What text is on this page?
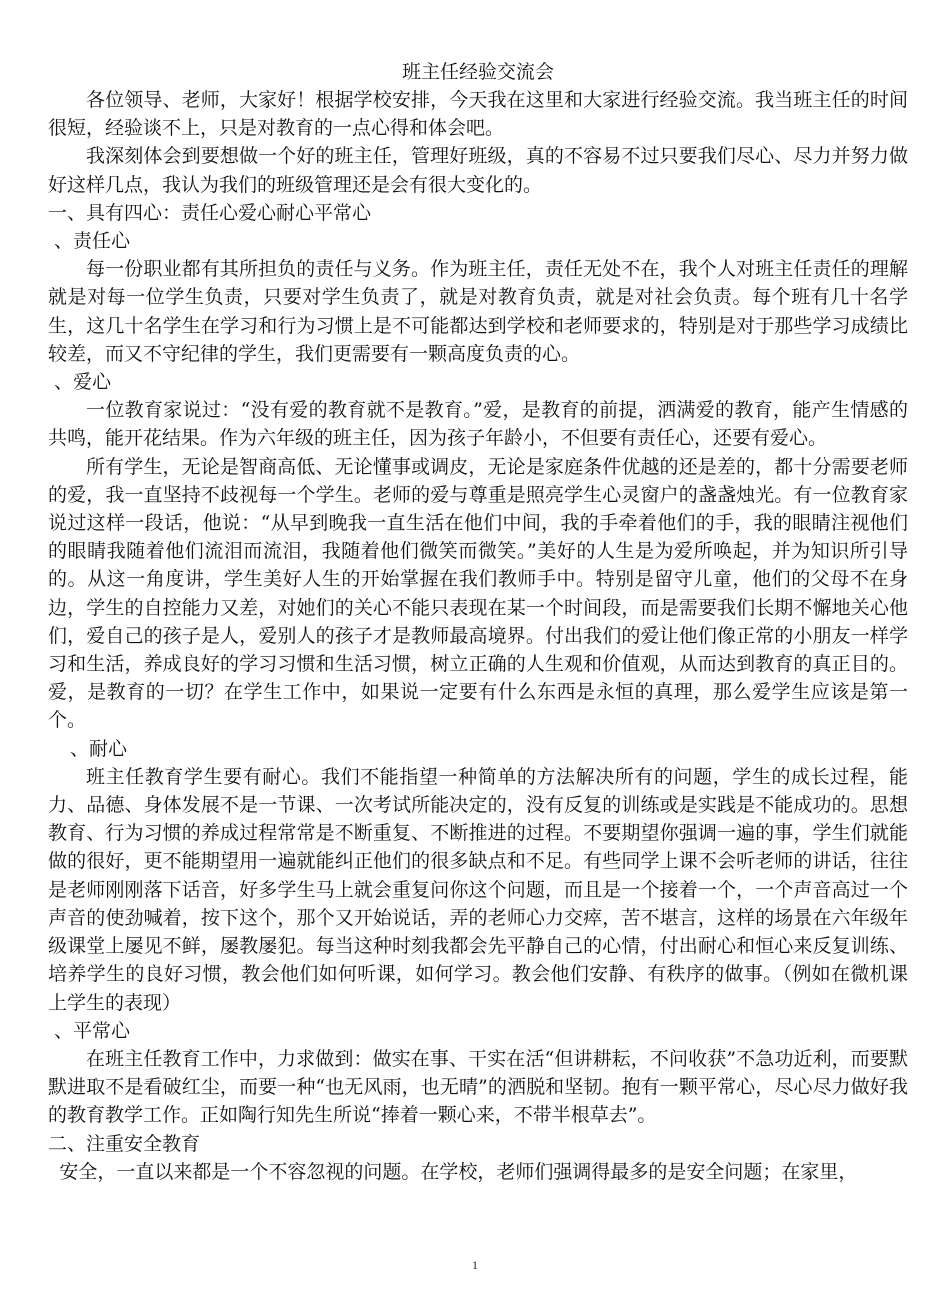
班主任经验交流会

各位领导、老师，大家好！根据学校安排，今天我在这里和大家进行经验交流。我当班主任的时间很短，经验谈不上，只是对教育的一点心得和体会吧。

我深刻体会到要想做一个好的班主任，管理好班级，真的不容易不过只要我们尽心、尽力并努力做好这样几点，我认为我们的班级管理还是会有很大变化的。

一、具有四心：责任心爱心耐心平常心

、责任心

每一份职业都有其所担负的责任与义务。作为班主任，责任无处不在，我个人对班主任责任的理解就是对每一位学生负责，只要对学生负责了，就是对教育负责，就是对社会负责。每个班有几十名学生，这几十名学生在学习和行为习惯上是不可能都达到学校和老师要求的，特别是对于那些学习成绩比较差，而又不守纪律的学生，我们更需要有一颗高度负责的心。

、爱心

一位教育家说过：“没有爱的教育就不是教育。”爱，是教育的前提，洒满爱的教育，能产生情感的共鸣，能开花结果。作为六年级的班主任，因为孩子年龄小，不但要有责任心，还要有爱心。

所有学生，无论是智商高低、无论懂事或调皮，无论是家庭条件优越的还是差的，都十分需要老师的爱，我一直坚持不歧视每一个学生。老师的爱与尊重是照亮学生心灵窗户的盏盏烛光。有一位教育家说过这样一段话，他说：“从早到晚我一直生活在他们中间，我的手牵着他们的手，我的眼睛注视他们的眼睛我随着他们流泪而流泪，我随着他们微笑而微笑。”美好的人生是为爱所唤起，并为知识所引导的。从这一角度讲，学生美好人生的开始掌握在我们教师手中。特别是留守儿童，他们的父母不在身边，学生的自控能力又差，对她们的关心不能只表现在某一个时间段，而是需要我们长期不懈地关心他们，爱自己的孩子是人，爱别人的孩子才是教师最高境界。付出我们的爱让他们像正常的小朋友一样学习和生活，养成良好的学习习惯和生活习惯，树立正确的人生观和价值观，从而达到教育的真正目的。爱，是教育的一切？在学生工作中，如果说一定要有什么东西是永恒的真理，那么爱学生应该是第一个。

、耐心

班主任教育学生要有耐心。我们不能指望一种简单的方法解决所有的问题，学生的成长过程，能力、品德、身体发展不是一节课、一次考试所能决定的，没有反复的训练或是实践是不能成功的。思想教育、行为习惯的养成过程常常是不断重复、不断推进的过程。不要期望你强调一遍的事，学生们就能做的很好，更不能期望用一遍就能纠正他们的很多缺点和不足。有些同学上课不会听老师的讲话，往往是老师刚刚落下话音，好多学生马上就会重复问你这个问题，而且是一个接着一个，一个声音高过一个声音的使劲喊着，按下这个，那个又开始说话，弄的老师心力交瘁，苦不堪言，这样的场景在六年级年级课堂上屡见不鲜，屡教屡犯。每当这种时刻我都会先平静自己的心情，付出耐心和恒心来反复训练、培养学生的良好习惯，教会他们如何听课，如何学习。教会他们安静、有秩序的做事。（例如在微机课上学生的表现）

、平常心

在班主任教育工作中，力求做到：做实在事、干实在活“但讲耕耘，不问收获”不急功近利，而要默默进取不是看破红尘，而要一种“也无风雨，也无晴”的洒脱和坚韧。抱有一颗平常心，尽心尽力做好我的教育教学工作。正如陶行知先生所说“捧着一颗心来，不带半根草去”。

二、注重安全教育

安全，一直以来都是一个不容忽视的问题。在学校，老师们强调得最多的是安全问题；在家里，

1
